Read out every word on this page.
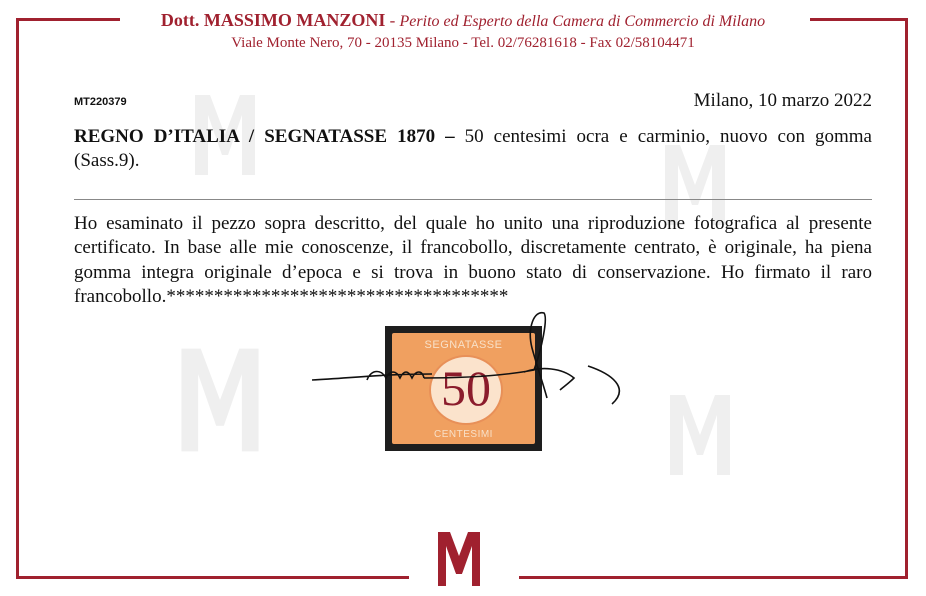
Dott. MASSIMO MANZONI - Perito ed Esperto della Camera di Commercio di Milano
Viale Monte Nero, 70 - 20135 Milano - Tel. 02/76281618 - Fax 02/58104471
MT220379	Milano, 10 marzo 2022
REGNO D’ITALIA / SEGNATASSE 1870 – 50 centesimi ocra e carminio, nuovo con gomma (Sass.9).
Ho esaminato il pezzo sopra descritto, del quale ho unito una riproduzione fotografica al presente certificato. In base alle mie conoscenze, il francobollo, discretamente centrato, è originale, ha piena gomma integra originale d’epoca e si trova in buono stato di conservazione. Ho firmato il raro francobollo.************************************
SEGNATASSE
50
CENTESIMI
